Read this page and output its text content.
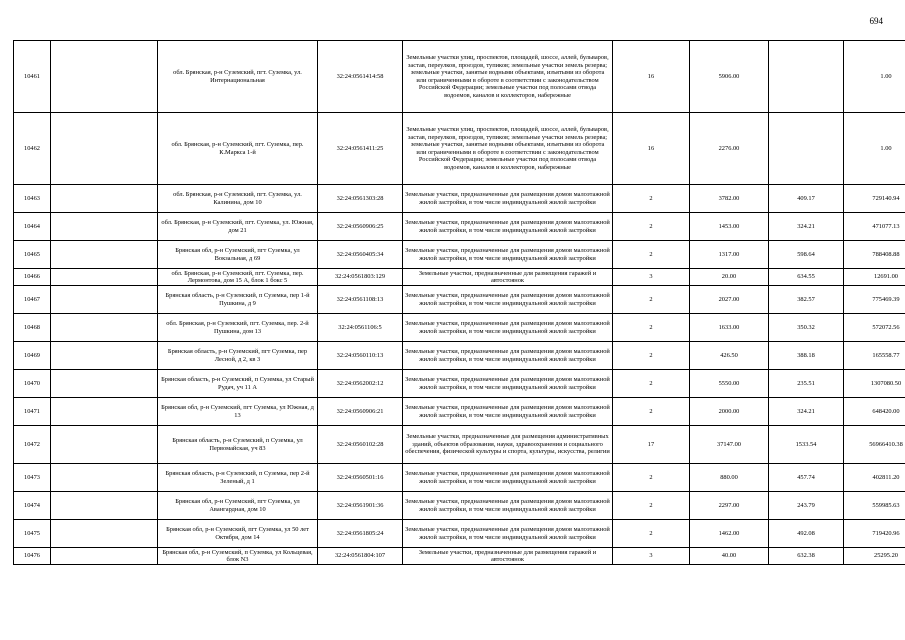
694
10461		обл. Брянская, р-н Суземский, пгт. Суземка, ул. Интернациональная	32:24:0561414:58	Земельные участки улиц, проспектов, площадей, шоссе, аллей, бульваров, застав, переулков, проездов, тупиков; земельные участки земель резерва; земельные участки, занятые водными объектами, изъятыми из оборота или ограниченными в обороте в соответствии с законодательством Российской Федерации; земельные участки под полосами отвода водоемов, каналов и коллекторов, набережные	16	5906.00		1.00
10462		обл. Брянская, р-н Суземский, пгт. Суземка, пер. К.Маркса 1-й	32:24:0561411:25	Земельные участки улиц, проспектов, площадей, шоссе, аллей, бульваров, застав, переулков, проездов, тупиков; земельные участки земель резерва; земельные участки, занятые водными объектами, изъятыми из оборота или ограниченными в обороте в соответствии с законодательством Российской Федерации; земельные участки под полосами отвода водоемов, каналов и коллекторов, набережные	16	2276.00		1.00
10463		обл. Брянская, р-н Суземский, пгт. Суземка, ул. Калинина, дом 10	32:24:0561303:28	Земельные участки, предназначенные для размещения домов малоэтажной жилой застройки, в том числе индивидуальной жилой застройки	2	3782.00	409.17	729140.94
10464		обл. Брянская, р-н Суземский, пгт. Суземка, ул. Южная, дом 21	32:24:0560906:25	Земельные участки, предназначенные для размещения домов малоэтажной жилой застройки, в том числе индивидуальной жилой застройки	2	1453.00	324.21	471077.13
10465		Брянская обл, р-н Суземский, пгт Суземка, ул Вокзальная, д 69	32:24:0560405:34	Земельные участки, предназначенные для размещения домов малоэтажной жилой застройки, в том числе индивидуальной жилой застройки	2	1317.00	598.64	788408.88
10466		обл. Брянская, р-н Суземский, пгт. Суземка, пер. Лермонтова, дом 15 А, блок 1 бокс 5	32:24:0561803:129	Земельные участки, предназначенные для размещения гаражей и автостоянок	3	20.00	634.55	12691.00
10467		Брянская область, р-н Суземский, п Суземка, пер 1-й Пушкина, д 9	32:24:0561108:13	Земельные участки, предназначенные для размещения домов малоэтажной жилой застройки, в том числе индивидуальной жилой застройки	2	2027.00	382.57	775469.39
10468		обл. Брянская, р-н Суземский, пгт. Суземка, пер. 2-й Пушкина, дом 13	32:24:0561106:5	Земельные участки, предназначенные для размещения домов малоэтажной жилой застройки, в том числе индивидуальной жилой застройки	2	1633.00	350.32	572072.56
10469		Брянская область, р-н Суземский, пгт Суземка, пер Лесной, д 2, кв 3	32:24:0560110:13	Земельные участки, предназначенные для размещения домов малоэтажной жилой застройки, в том числе индивидуальной жилой застройки	2	426.50	388.18	165558.77
10470		Брянская область, р-н Суземский, п Суземка, ул Старый Рудач, уч 11 А	32:24:0562002:12	Земельные участки, предназначенные для размещения домов малоэтажной жилой застройки, в том числе индивидуальной жилой застройки	2	5550.00	235.51	1307080.50
10471		Брянская обл, р-н Суземский, пгт Суземка, ул Южная, д 13	32:24:0560906:21	Земельные участки, предназначенные для размещения домов малоэтажной жилой застройки, в том числе индивидуальной жилой застройки	2	2000.00	324.21	648420.00
10472		Брянская область, р-н Суземский, п Суземка, ул Первомайская, уч 83	32:24:0560102:28	Земельные участки, предназначенные для размещения административных зданий, объектов образования, науки, здравоохранения и социального обеспечения, физической культуры и спорта, культуры, искусства, религии	17	37147.00	1533.54	56966410.38
10473		Брянская область, р-н Суземский, п Суземка, пер 2-й Зеленый, д 1	32:24:0560501:16	Земельные участки, предназначенные для размещения домов малоэтажной жилой застройки, в том числе индивидуальной жилой застройки	2	880.00	457.74	402811.20
10474		Брянская обл, р-н Суземский, пгт Суземка, ул Авангардная, дом 10	32:24:0561901:36	Земельные участки, предназначенные для размещения домов малоэтажной жилой застройки, в том числе индивидуальной жилой застройки	2	2297.00	243.79	559985.63
10475		Брянская обл, р-н Суземский, пгт Суземка, ул 50 лет Октября, дом 14	32:24:0561805:24	Земельные участки, предназначенные для размещения домов малоэтажной жилой застройки, в том числе индивидуальной жилой застройки	2	1462.00	492.08	719420.96
10476		Брянская обл, р-н Суземский, п Суземка, ул Кольцевая, блок N3	32:24:0561804:107	Земельные участки, предназначенные для размещения гаражей и автостоянок	3	40.00	632.38	25295.20
